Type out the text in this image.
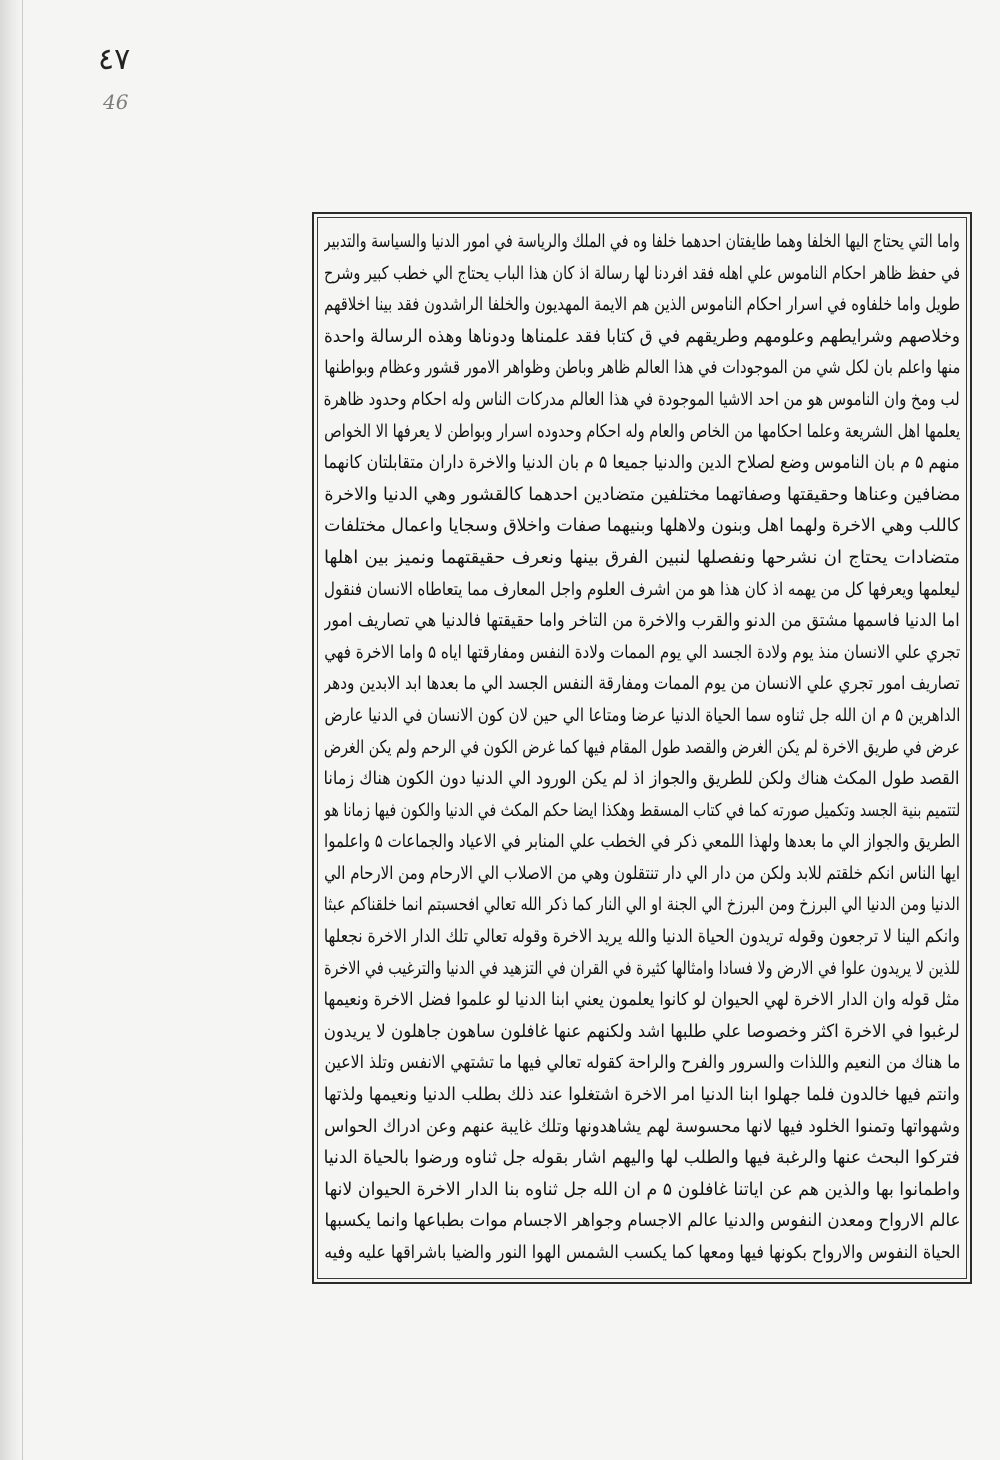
٤٧
46
واما التي يحتاج اليها الخلفا وهما طايفتان احدهما خلفا وه في الملك والرياسة في امور الدنيا والسياسة والتدبير
في حفظ ظاهر احكام الناموس علي اهله فقد افردنا لها رسالة اذ كان هذا الباب يحتاج الي خطب كبير وشرح
طويل واما خلفاوه في اسرار احكام الناموس الذين هم الايمة المهديون والخلفا الراشدون فقد بينا اخلاقهم
وخلاصهم وشرايطهم وعلومهم وطريقهم في ق كتابا فقد علمناها ودوناها وهذه الرسالة واحدة
منها واعلم بان لكل شي من الموجودات في هذا العالم ظاهر وباطن وظواهر الامور قشور وعظام وبواطنها
لب ومخ وان الناموس هو من احد الاشيا الموجودة في هذا العالم مدركات الناس وله احكام وحدود ظاهرة
يعلمها اهل الشريعة وعلما احكامها من الخاص والعام وله احكام وحدوده اسرار وبواطن لا يعرفها الا الخواص
منهم ۵ م بان الناموس وضع لصلاح الدين والدنيا جميعا ۵ م بان الدنيا والاخرة داران متقابلتان كانهما
مضافين وعناها وحقيقتها وصفاتهما مختلفين متضادين احدهما كالقشور وهي الدنيا والاخرة
كاللب وهي الاخرة ولهما اهل وبنون ولاهلها وبنيهما صفات واخلاق وسجايا واعمال مختلفات
متضادات يحتاج ان نشرحها ونفصلها لنبين الفرق بينها ونعرف حقيقتهما ونميز بين اهلها
ليعلمها ويعرفها كل من يهمه اذ كان هذا هو من اشرف العلوم واجل المعارف مما يتعاطاه الانسان فنقول
اما الدنيا فاسمها مشتق من الدنو والقرب والاخرة من التاخر واما حقيقتها فالدنيا هي تصاريف امور
تجري علي الانسان منذ يوم ولادة الجسد الي يوم الممات ولادة النفس ومفارقتها اياه ۵ واما الاخرة فهي
تصاريف امور تجري علي الانسان من يوم الممات ومفارقة النفس الجسد الي ما بعدها ابد الابدين ودهر
الداهرين ۵ م ان الله جل ثناوه سما الحياة الدنيا عرضا ومتاعا الي حين لان كون الانسان في الدنيا عارض
عرض في طريق الاخرة لم يكن الغرض والقصد طول المقام فيها كما غرض الكون في الرحم ولم يكن الغرض
القصد طول المكث هناك ولكن للطريق والجواز اذ لم يكن الورود الي الدنيا دون الكون هناك زمانا
لتتميم بنية الجسد وتكميل صورته كما في كتاب المسقط وهكذا ايضا حكم المكث في الدنيا والكون فيها زمانا هو
الطريق والجواز الي ما بعدها ولهذا اللمعي ذكر في الخطب علي المنابر في الاعياد والجماعات ۵ واعلموا
ايها الناس انكم خلقتم للابد ولكن من دار الي دار تنتقلون وهي من الاصلاب الي الارحام ومن الارحام الي
الدنيا ومن الدنيا الي البرزخ ومن البرزخ الي الجنة او الي النار كما ذكر الله تعالي افحسبتم انما خلقناكم عبثا
وانكم الينا لا ترجعون وقوله تريدون الحياة الدنيا والله يريد الاخرة وقوله تعالي تلك الدار الاخرة نجعلها
للذين لا يريدون علوا في الارض ولا فسادا وامثالها كثيرة في القران في التزهيد في الدنيا والترغيب في الاخرة
مثل قوله وان الدار الاخرة لهي الحيوان لو كانوا يعلمون يعني ابنا الدنيا لو علموا فضل الاخرة ونعيمها
لرغبوا في الاخرة اكثر وخصوصا علي طلبها اشد ولكنهم عنها غافلون ساهون جاهلون لا يريدون
ما هناك من النعيم واللذات والسرور والفرح والراحة كقوله تعالي فيها ما تشتهي الانفس وتلذ الاعين
وانتم فيها خالدون فلما جهلوا ابنا الدنيا امر الاخرة اشتغلوا عند ذلك بطلب الدنيا ونعيمها ولذتها
وشهواتها وتمنوا الخلود فيها لانها محسوسة لهم يشاهدونها وتلك غايبة عنهم وعن ادراك الحواس
فتركوا البحث عنها والرغبة فيها والطلب لها واليهم اشار بقوله جل ثناوه ورضوا بالحياة الدنيا
واطمانوا بها والذين هم عن اياتنا غافلون ۵ م ان الله جل ثناوه بنا الدار الاخرة الحيوان لانها
عالم الارواح ومعدن النفوس والدنيا عالم الاجسام وجواهر الاجسام موات بطباعها وانما يكسبها
الحياة النفوس والارواح بكونها فيها ومعها كما يكسب الشمس الهوا النور والضيا باشراقها عليه وفيه
